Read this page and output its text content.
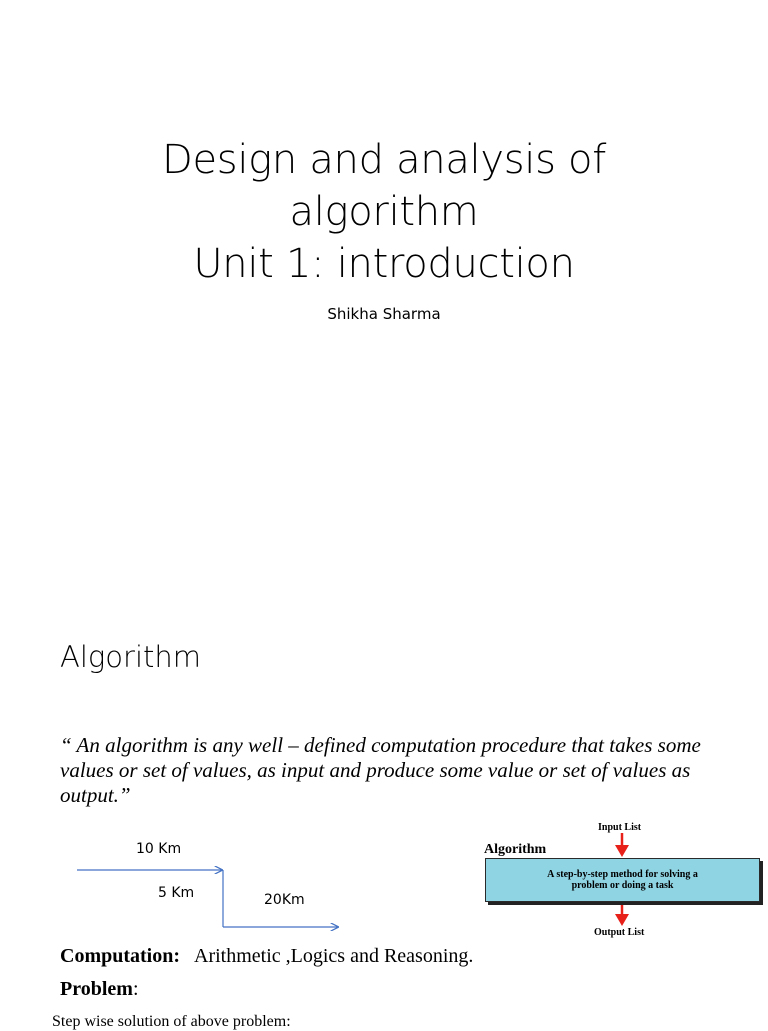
Design and analysis of
algorithm
Unit 1: introduction
Shikha Sharma
Algorithm
“ An algorithm is any well – defined computation procedure that takes some values or set of values, as input and produce some value or set of values as output.”
10 Km
5 Km	20Km
Algorithm
Input List
A step-by-step method for solving a problem or doing a task
Output List
Computation: Arithmetic ,Logics and Reasoning.
Problem:
Step wise solution of above problem:
